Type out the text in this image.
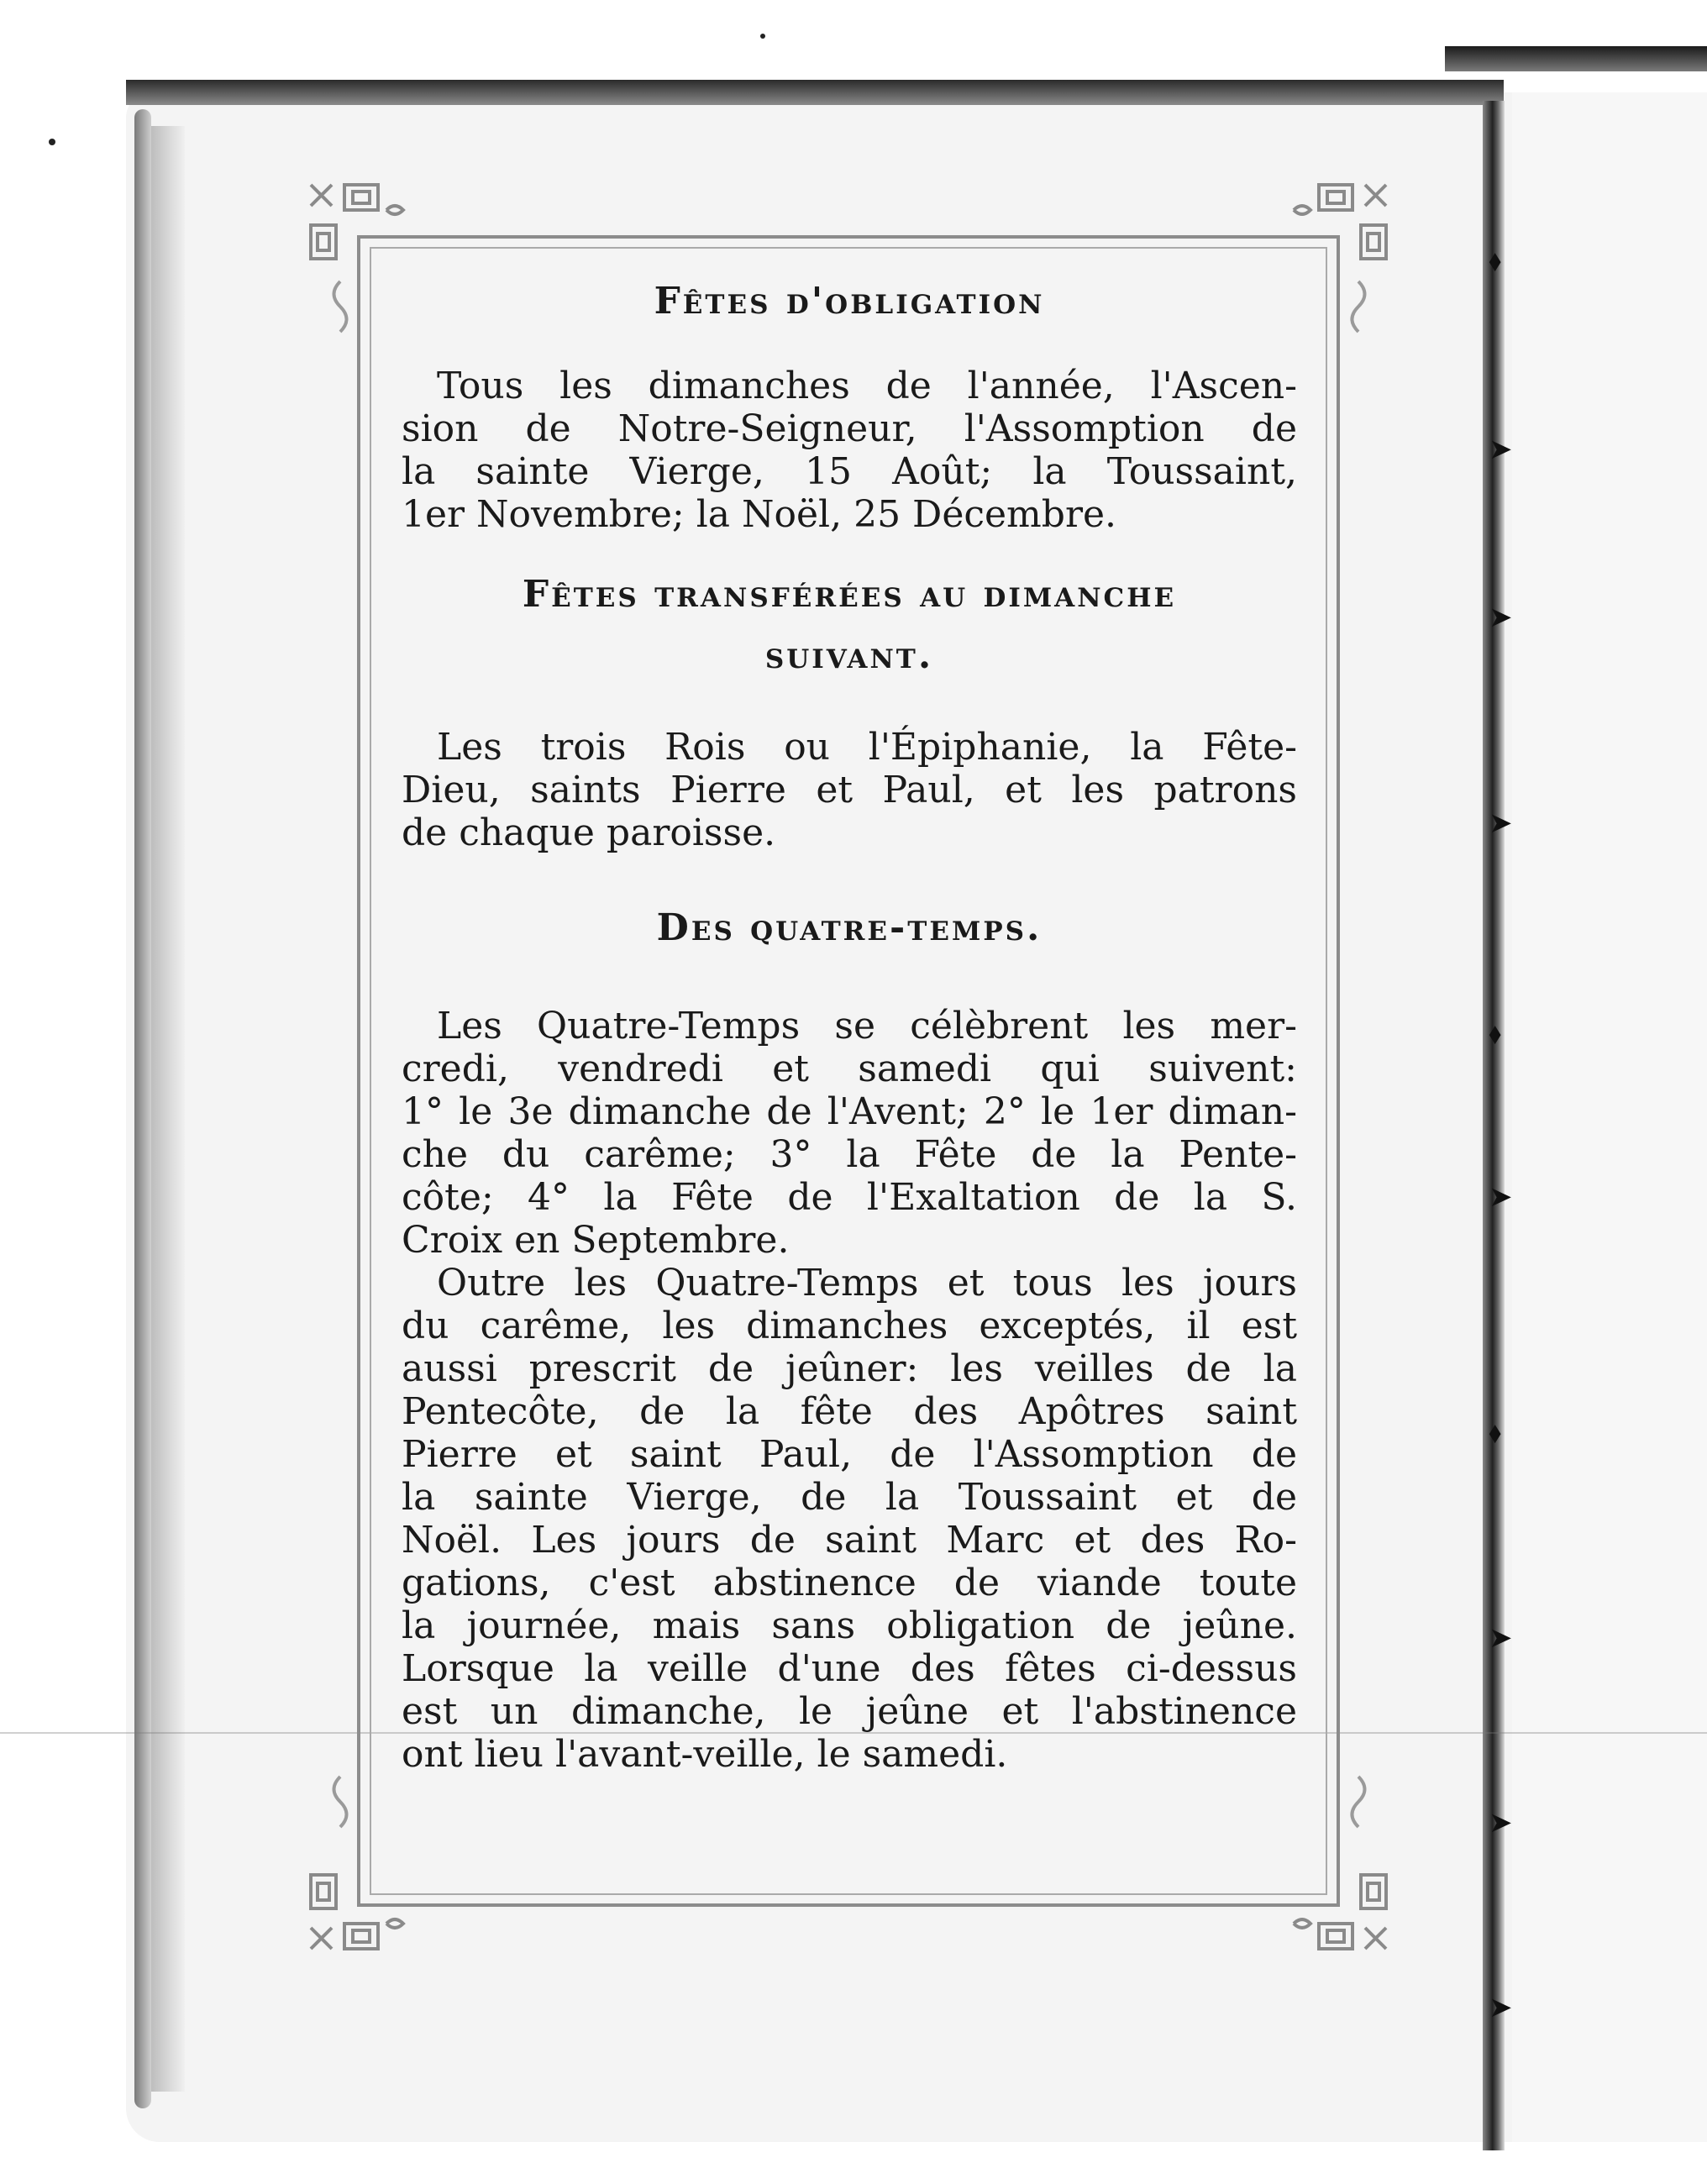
⬧
➤
➤
➤
⬧
➤
⬧
➤
➤
➤
Fêtes d'obligation

Tous les dimanches de l'année, l'Ascen-
sion de Notre-Seigneur, l'Assomption de
la sainte Vierge, 15 Août; la Toussaint,
1er Novembre; la Noël, 25 Décembre.

Fêtes transférées au dimanche
suivant.

Les trois Rois ou l'Épiphanie, la Fête-
Dieu, saints Pierre et Paul, et les patrons
de chaque paroisse.

Des quatre-temps.

Les Quatre-Temps se célèbrent les mer-
credi, vendredi et samedi qui suivent:
1° le 3e dimanche de l'Avent; 2° le 1er diman-
che du carême; 3° la Fête de la Pente-
côte; 4° la Fête de l'Exaltation de la S.
Croix en Septembre.

Outre les Quatre-Temps et tous les jours
du carême, les dimanches exceptés, il est
aussi prescrit de jeûner: les veilles de la
Pentecôte, de la fête des Apôtres saint
Pierre et saint Paul, de l'Assomption de
la sainte Vierge, de la Toussaint et de
Noël. Les jours de saint Marc et des Ro-
gations, c'est abstinence de viande toute
la journée, mais sans obligation de jeûne.
Lorsque la veille d'une des fêtes ci-dessus
est un dimanche, le jeûne et l'abstinence
ont lieu l'avant-veille, le samedi.
